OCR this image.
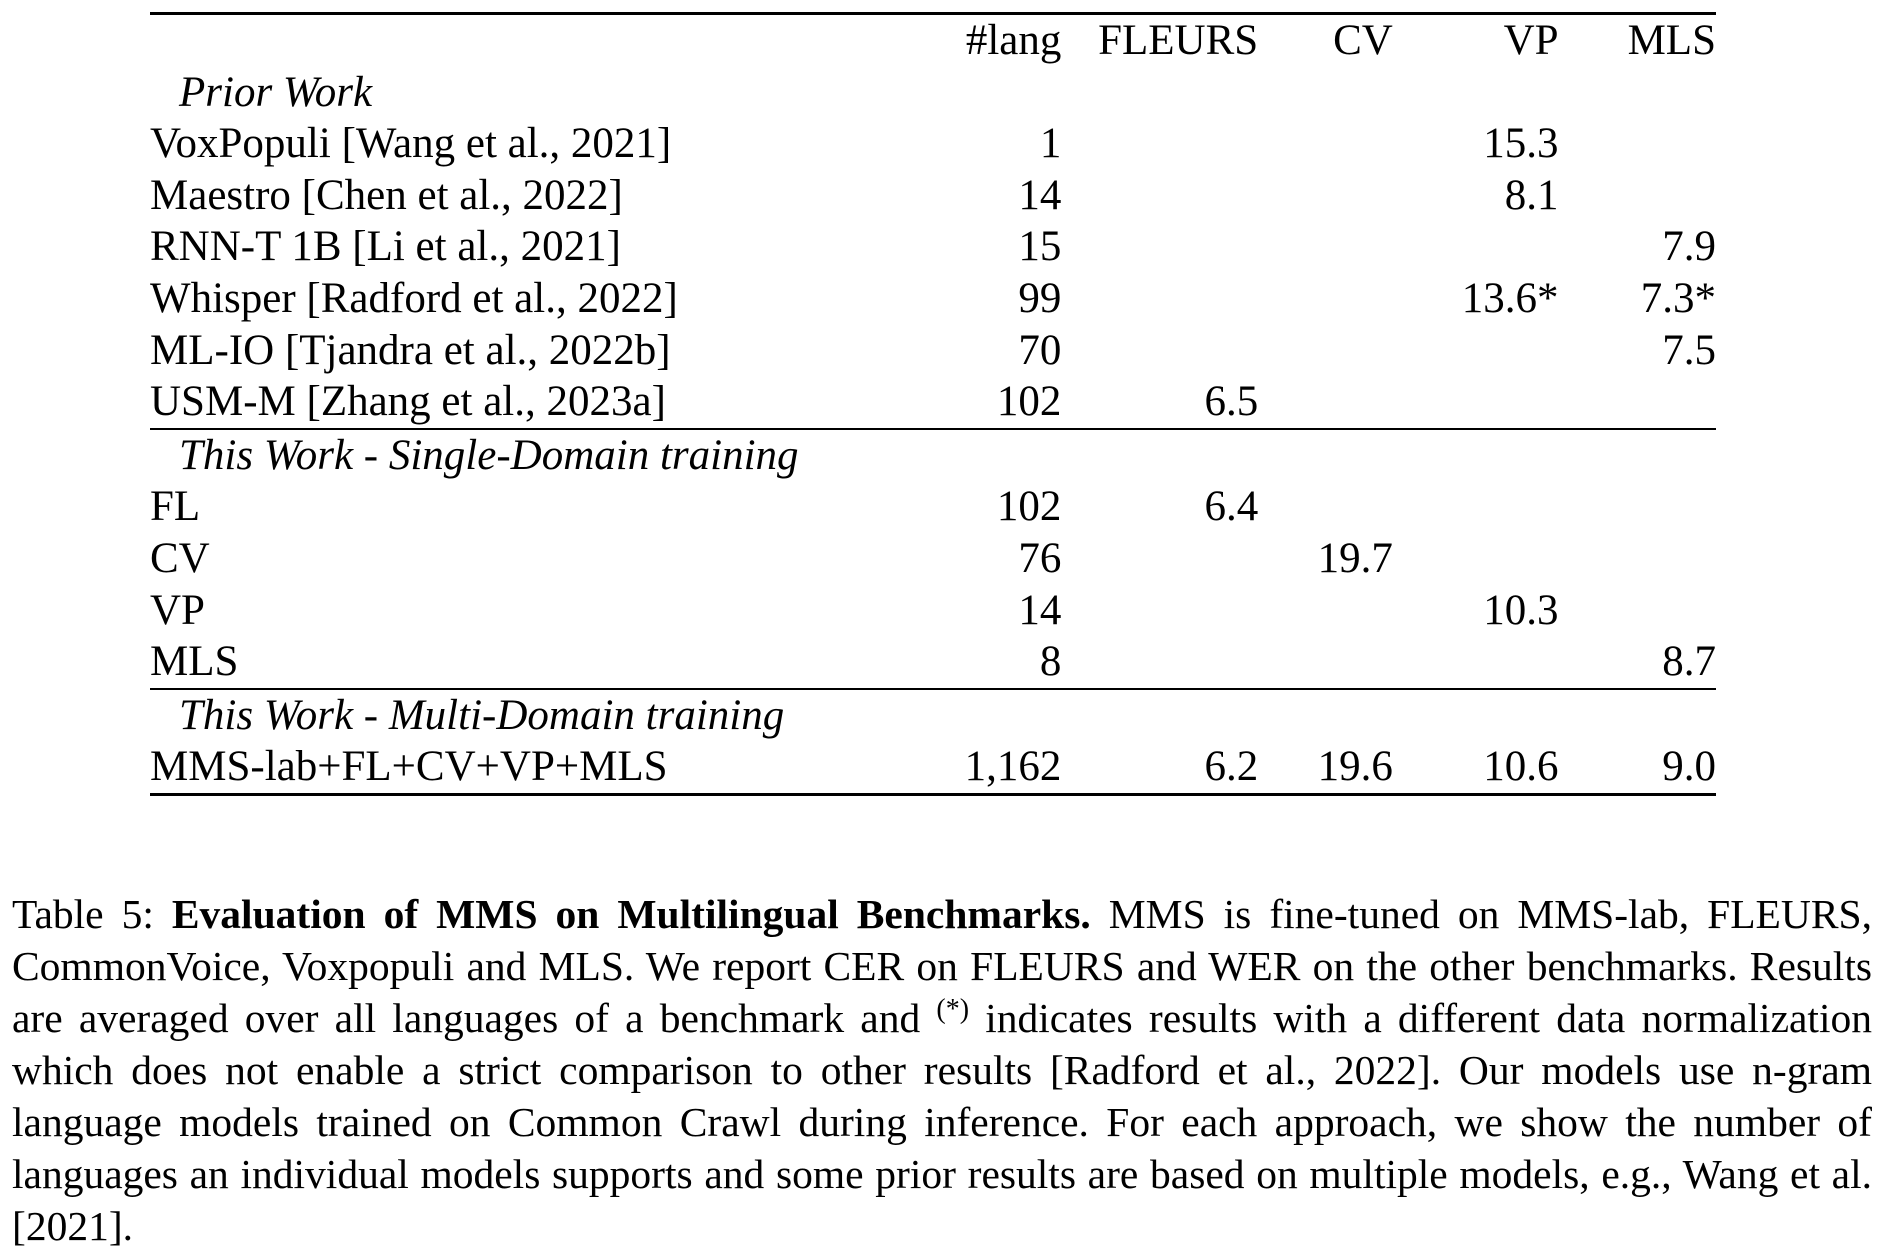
	#lang	FLEURS	CV	VP	MLS
Prior Work					
VoxPopuli [Wang et al., 2021]	1			15.3	
Maestro [Chen et al., 2022]	14			8.1	
RNN-T 1B [Li et al., 2021]	15				7.9
Whisper [Radford et al., 2022]	99			13.6*	7.3*
ML-IO [Tjandra et al., 2022b]	70				7.5
USM-M [Zhang et al., 2023a]	102	6.5			
This Work - Single-Domain training					
FL	102	6.4			
CV	76		19.7		
VP	14			10.3	
MLS	8				8.7
This Work - Multi-Domain training					
MMS-lab+FL+CV+VP+MLS	1,162	6.2	19.6	10.6	9.0
Table 5: Evaluation of MMS on Multilingual Benchmarks. MMS is fine-tuned on MMS-lab, FLEURS, CommonVoice, Voxpopuli and MLS. We report CER on FLEURS and WER on the other benchmarks. Results are averaged over all languages of a benchmark and (*) indicates results with a different data normalization which does not enable a strict comparison to other results [Radford et al., 2022]. Our models use n-gram language models trained on Common Crawl during inference. For each approach, we show the number of languages an individual models supports and some prior results are based on multiple models, e.g., Wang et al. [2021].
